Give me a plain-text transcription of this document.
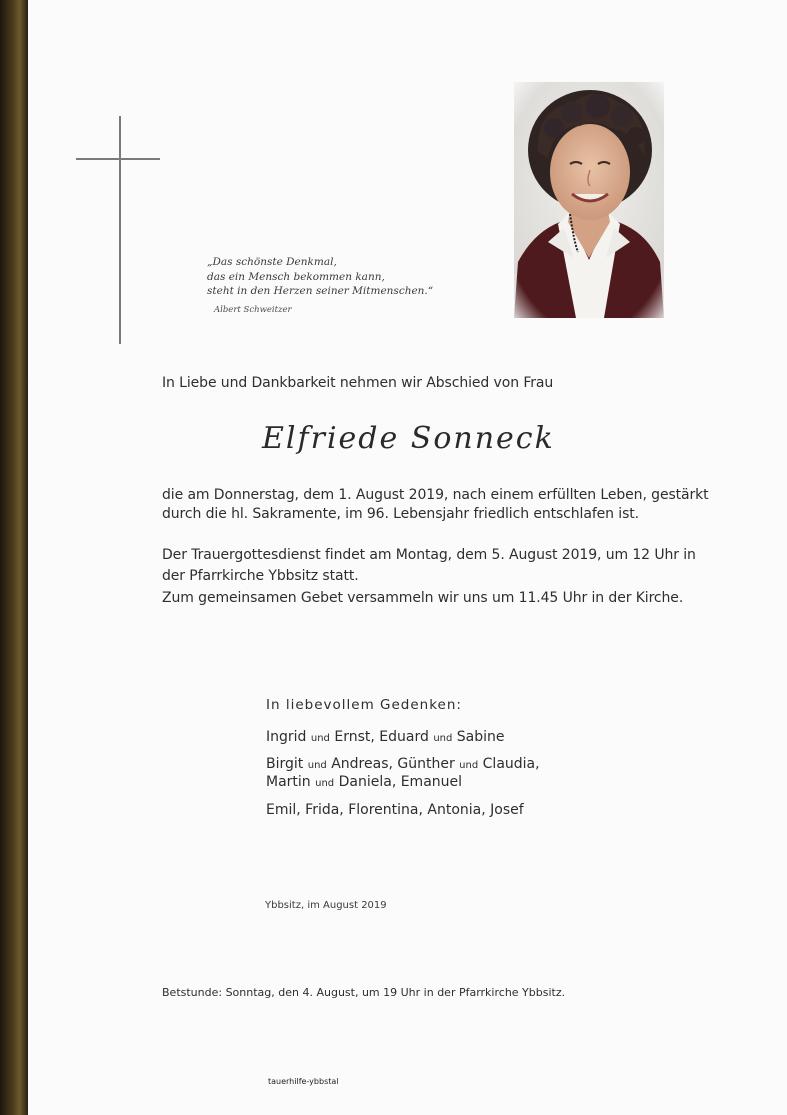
„Das schönste Denkmal,
das ein Mensch bekommen kann,
steht in den Herzen seiner Mitmenschen.“
Albert Schweitzer
In Liebe und Dankbarkeit nehmen wir Abschied von Frau
Elfriede Sonneck
die am Donnerstag, dem 1. August 2019, nach einem erfüllten Leben, gestärkt
durch die hl. Sakramente, im 96. Lebensjahr friedlich entschlafen ist.
Der Trauergottesdienst findet am Montag, dem 5. August 2019, um 12 Uhr in
der Pfarrkirche Ybbsitz statt.
Zum gemeinsamen Gebet versammeln wir uns um 11.45 Uhr in der Kirche.
In liebevollem Gedenken:
Ingrid und Ernst, Eduard und Sabine
Birgit und Andreas, Günther und Claudia,
Martin und Daniela, Emanuel
Emil, Frida, Florentina, Antonia, Josef
Ybbsitz, im August 2019
Betstunde: Sonntag, den 4. August, um 19 Uhr in der Pfarrkirche Ybbsitz.
tauerhilfe-ybbstal
